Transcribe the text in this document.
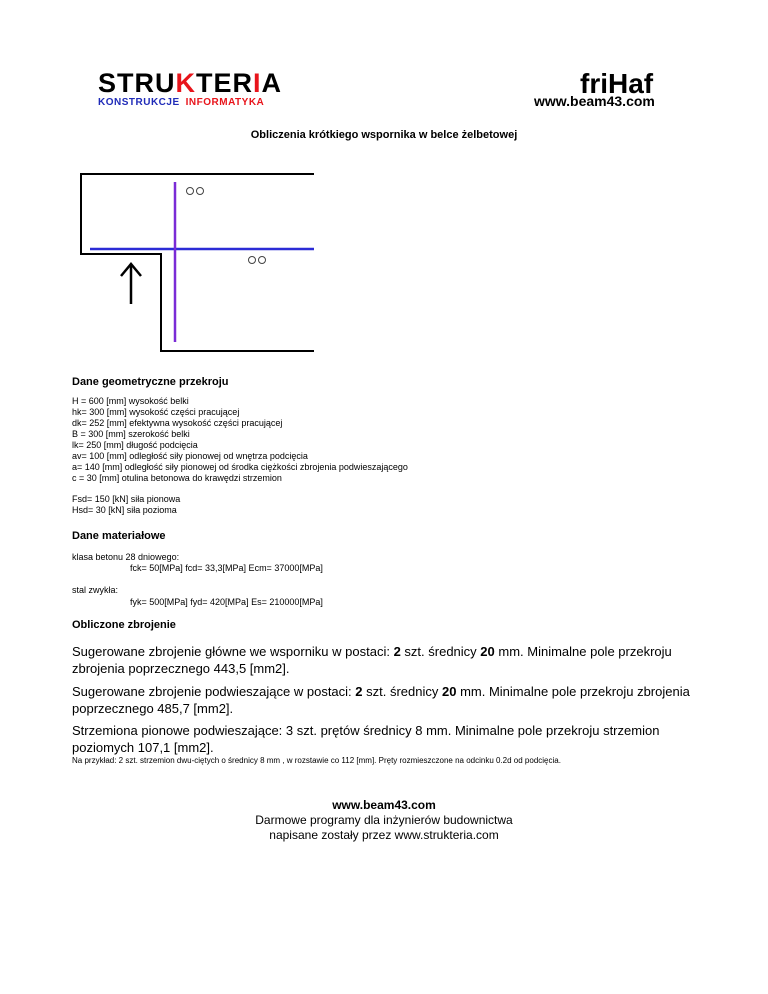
STRUKTERIA
KONSTRUKCJE INFORMATYKA
friHaf
www.beam43.com
Obliczenia krótkiego wspornika w belce żelbetowej
Dane geometryczne przekroju
H = 600 [mm] wysokość belki
hk= 300 [mm] wysokość części pracującej
dk= 252 [mm] efektywna wysokość części pracującej
B = 300 [mm] szerokość belki
lk= 250 [mm] długość podcięcia
av= 100 [mm] odległość siły pionowej od wnętrza podcięcia
a= 140 [mm] odległość siły pionowej od środka ciężkości zbrojenia podwieszającego
c = 30 [mm] otulina betonowa do krawędzi strzemion
Fsd= 150 [kN] siła pionowa
Hsd= 30 [kN] siła pozioma
Dane materiałowe
klasa betonu 28 dniowego:
fck= 50[MPa] fcd= 33,3[MPa] Ecm= 37000[MPa]
stal zwykła:
fyk= 500[MPa] fyd= 420[MPa] Es= 210000[MPa]
Obliczone zbrojenie
Sugerowane zbrojenie główne we wsporniku w postaci: 2 szt. średnicy 20 mm. Minimalne pole przekroju zbrojenia poprzecznego 443,5 [mm2].
Sugerowane zbrojenie podwieszające w postaci: 2 szt. średnicy 20 mm. Minimalne pole przekroju zbrojenia poprzecznego 485,7 [mm2].
Strzemiona pionowe podwieszające: 3 szt. prętów średnicy 8 mm. Minimalne pole przekroju strzemion poziomych 107,1 [mm2].
Na przykład: 2 szt. strzemion dwu-ciętych o średnicy 8 mm , w rozstawie co 112 [mm]. Pręty rozmieszczone na odcinku 0.2d od podcięcia.
www.beam43.com
Darmowe programy dla inżynierów budownictwa
napisane zostały przez www.strukteria.com
